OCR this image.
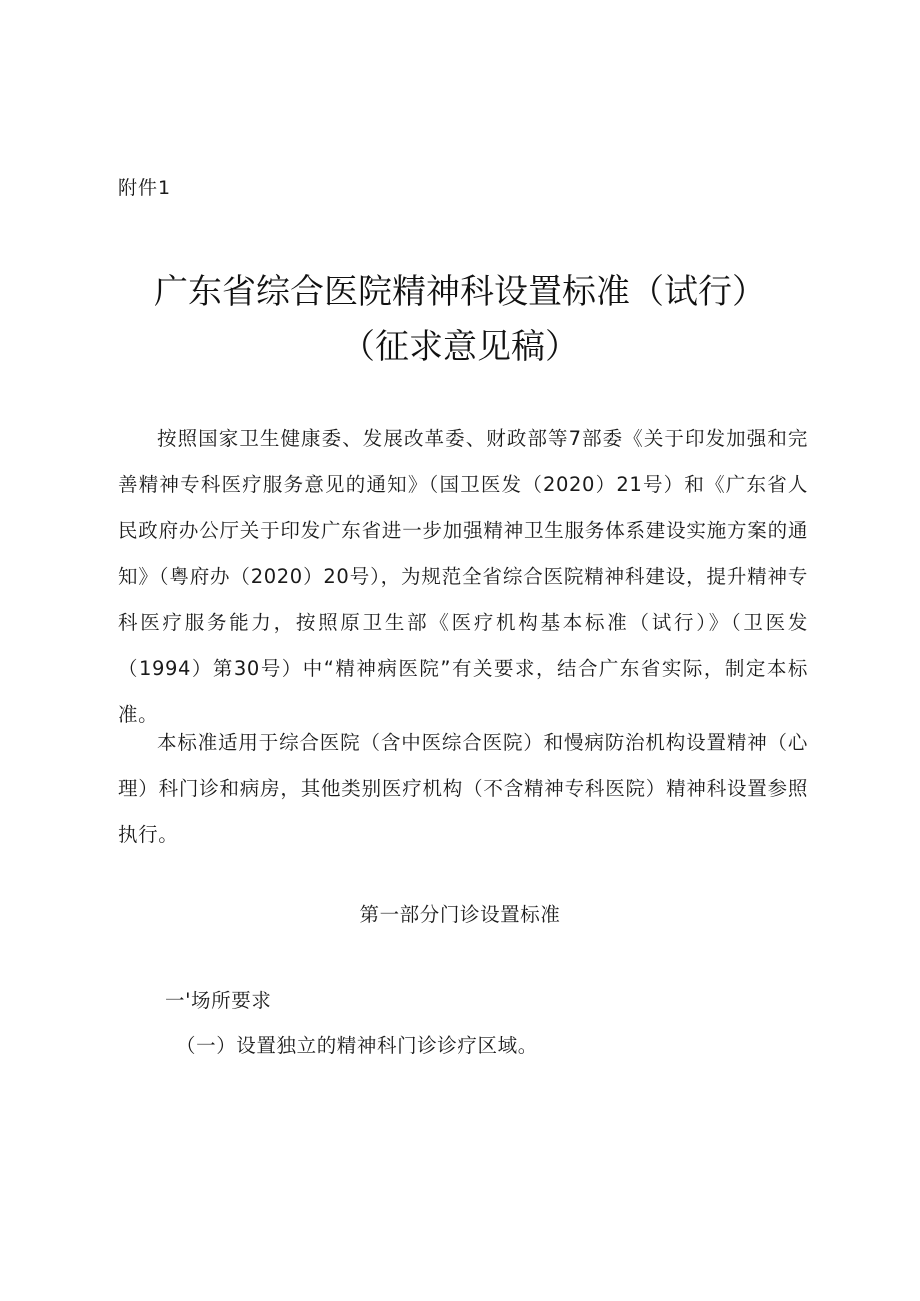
附件1
广东省综合医院精神科设置标准（试行）
（征求意见稿）
按照国家卫生健康委、发展改革委、财政部等7部委《关于印发加强和完善精神专科医疗服务意见的通知》（国卫医发（2020）21号）和《广东省人民政府办公厅关于印发广东省进一步加强精神卫生服务体系建设实施方案的通知》（粤府办（2020）20号），为规范全省综合医院精神科建设，提升精神专科医疗服务能力，按照原卫生部《医疗机构基本标准（试行）》（卫医发（1994）第30号）中“精神病医院”有关要求，结合广东省实际，制定本标准。
本标准适用于综合医院（含中医综合医院）和慢病防治机构设置精神（心理）科门诊和病房，其他类别医疗机构（不含精神专科医院）精神科设置参照执行。
第一部分门诊设置标准
一'场所要求
（一）设置独立的精神科门诊诊疗区域。
